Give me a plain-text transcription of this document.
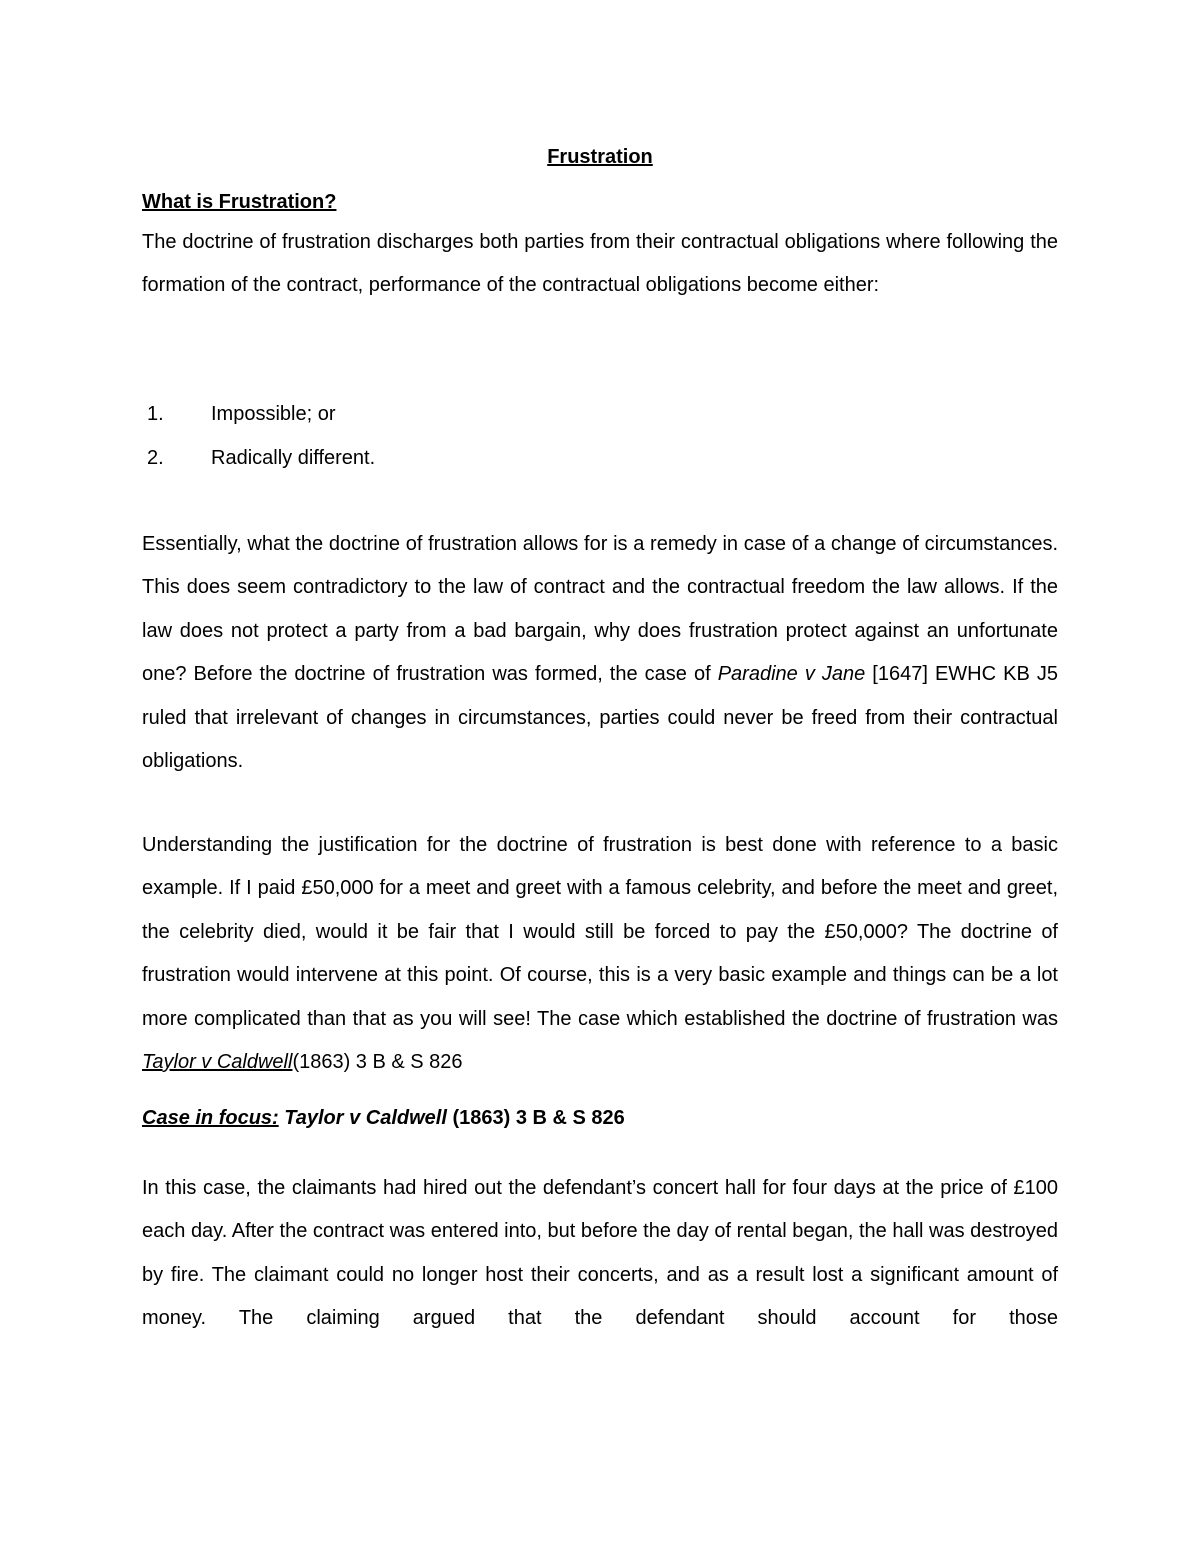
Frustration
What is Frustration?

The doctrine of frustration discharges both parties from their contractual obligations where following the formation of the contract, performance of the contractual obligations become either:

1. Impossible; or
2. Radically different.

Essentially, what the doctrine of frustration allows for is a remedy in case of a change of circumstances. This does seem contradictory to the law of contract and the contractual freedom the law allows. If the law does not protect a party from a bad bargain, why does frustration protect against an unfortunate one? Before the doctrine of frustration was formed, the case of Paradine v Jane [1647] EWHC KB J5 ruled that irrelevant of changes in circumstances, parties could never be freed from their contractual obligations.

Understanding the justification for the doctrine of frustration is best done with reference to a basic example. If I paid £50,000 for a meet and greet with a famous celebrity, and before the meet and greet, the celebrity died, would it be fair that I would still be forced to pay the £50,000? The doctrine of frustration would intervene at this point. Of course, this is a very basic example and things can be a lot more complicated than that as you will see! The case which established the doctrine of frustration was Taylor v Caldwell(1863) 3 B & S 826

Case in focus: Taylor v Caldwell (1863) 3 B & S 826

In this case, the claimants had hired out the defendant’s concert hall for four days at the price of £100 each day. After the contract was entered into, but before the day of rental began, the hall was destroyed by fire. The claimant could no longer host their concerts, and as a result lost a significant amount of money. The claiming argued that the defendant should account for those
